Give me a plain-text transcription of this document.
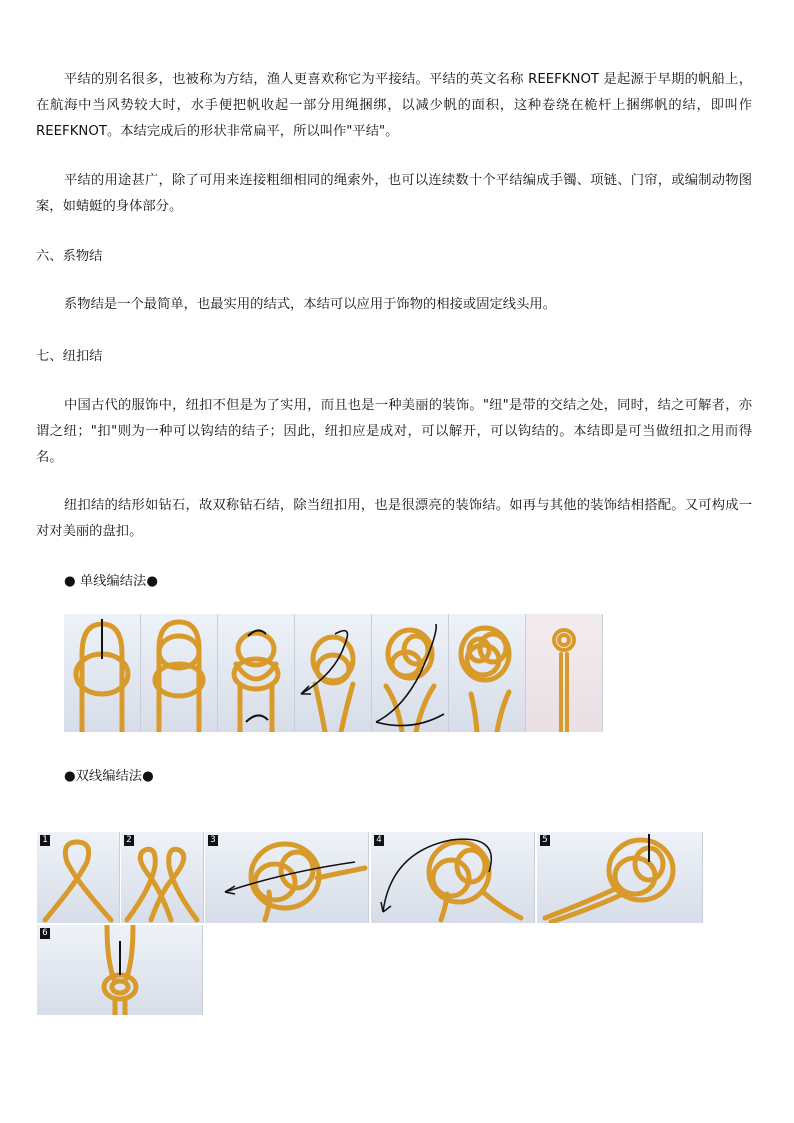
平结的别名很多，也被称为方结，渔人更喜欢称它为平接结。平结的英文名称 REEFKNOT 是起源于早期的帆船上，在航海中当风势较大时，水手便把帆收起一部分用绳捆绑，以减少帆的面积，这种卷绕在桅杆上捆绑帆的结，即叫作 REEFKNOT。本结完成后的形状非常扁平，所以叫作"平结"。

平结的用途甚广，除了可用来连接粗细相同的绳索外，也可以连续数十个平结编成手镯、项链、门帘，或编制动物图案，如蜻蜓的身体部分。

六、系物结

系物结是一个最简单，也最实用的结式，本结可以应用于饰物的相接或固定线头用。

七、纽扣结

中国古代的服饰中，纽扣不但是为了实用，而且也是一种美丽的装饰。"纽"是带的交结之处，同时，结之可解者，亦谓之纽；"扣"则为一种可以钩结的结子；因此，纽扣应是成对，可以解开，可以钩结的。本结即是可当做纽扣之用而得名。

纽扣结的结形如钻石，故双称钻石结，除当纽扣用，也是很漂亮的装饰结。如再与其他的装饰结相搭配。又可构成一对对美丽的盘扣。

● 单线编结法●

●双线编结法●

1	2	3	4	5
6
